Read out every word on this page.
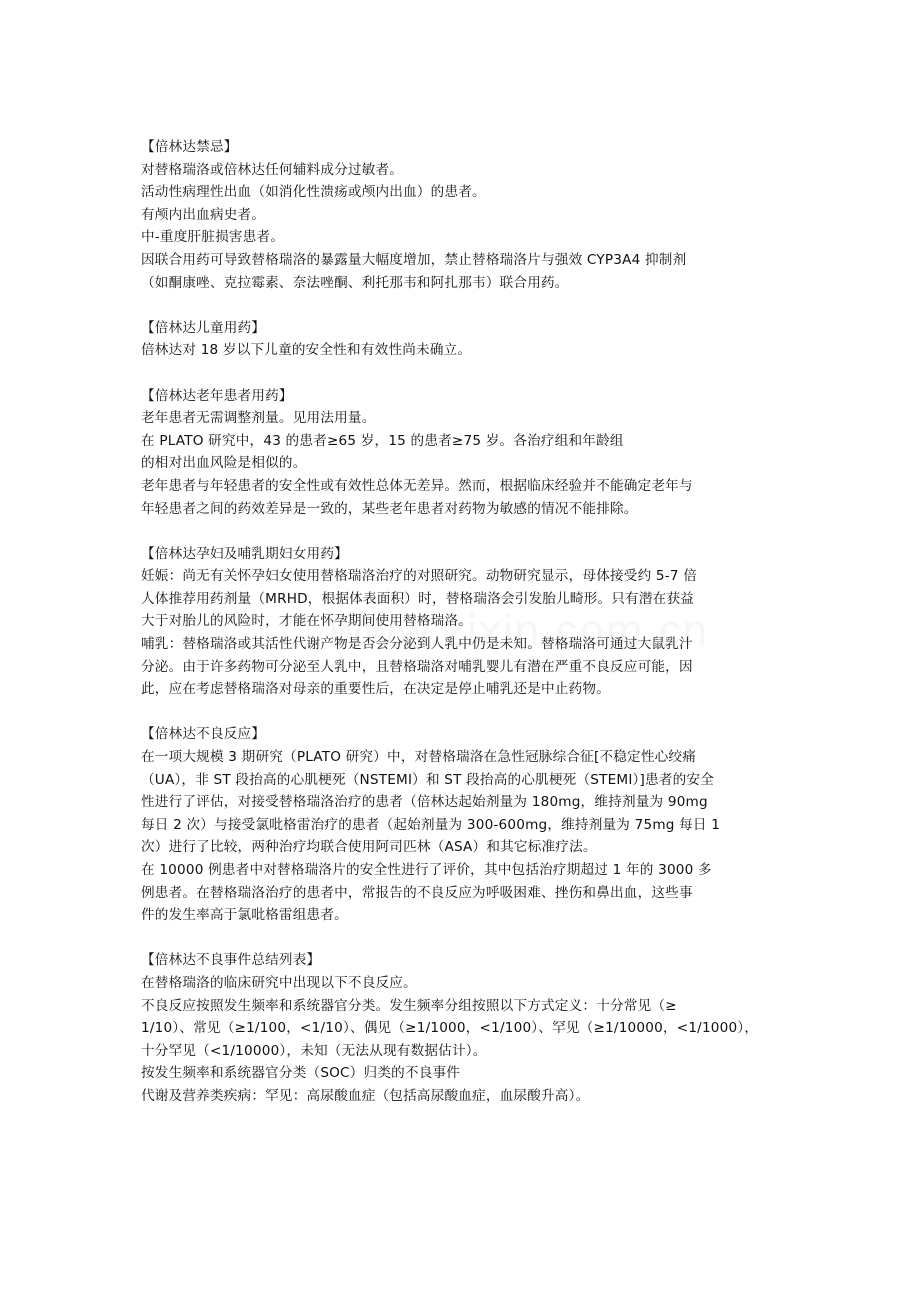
【倍林达禁忌】

对替格瑞洛或倍林达任何辅料成分过敏者。

活动性病理性出血（如消化性溃疡或颅内出血）的患者。

有颅内出血病史者。

中-重度肝脏损害患者。

因联合用药可导致替格瑞洛的暴露量大幅度增加，禁止替格瑞洛片与强效 CYP3A4 抑制剂

（如酮康唑、克拉霉素、奈法唑酮、利托那韦和阿扎那韦）联合用药。

【倍林达儿童用药】

倍林达对 18 岁以下儿童的安全性和有效性尚未确立。

【倍林达老年患者用药】

老年患者无需调整剂量。见用法用量。

在 PLATO 研究中，43 的患者≥65 岁，15 的患者≥75 岁。各治疗组和年龄组

的相对出血风险是相似的。

老年患者与年轻患者的安全性或有效性总体无差异。然而，根据临床经验并不能确定老年与

年轻患者之间的药效差异是一致的，某些老年患者对药物为敏感的情况不能排除。

【倍林达孕妇及哺乳期妇女用药】

妊娠：尚无有关怀孕妇女使用替格瑞洛治疗的对照研究。动物研究显示，母体接受约 5-7 倍

人体推荐用药剂量（MRHD，根据体表面积）时，替格瑞洛会引发胎儿畸形。只有潜在获益

大于对胎儿的风险时，才能在怀孕期间使用替格瑞洛。

哺乳：替格瑞洛或其活性代谢产物是否会分泌到人乳中仍是未知。替格瑞洛可通过大鼠乳汁

分泌。由于许多药物可分泌至人乳中，且替格瑞洛对哺乳婴儿有潜在严重不良反应可能，因

此，应在考虑替格瑞洛对母亲的重要性后，在决定是停止哺乳还是中止药物。

【倍林达不良反应】

在一项大规模 3 期研究（PLATO 研究）中，对替格瑞洛在急性冠脉综合征[不稳定性心绞痛

（UA），非 ST 段抬高的心肌梗死（NSTEMI）和 ST 段抬高的心肌梗死（STEMI）]患者的安全

性进行了评估，对接受替格瑞洛治疗的患者（倍林达起始剂量为 180mg，维持剂量为 90mg

每日 2 次）与接受氯吡格雷治疗的患者（起始剂量为 300-600mg，维持剂量为 75mg 每日 1

次）进行了比较，两种治疗均联合使用阿司匹林（ASA）和其它标准疗法。

在 10000 例患者中对替格瑞洛片的安全性进行了评价，其中包括治疗期超过 1 年的 3000 多

例患者。在替格瑞洛治疗的患者中，常报告的不良反应为呼吸困难、挫伤和鼻出血，这些事

件的发生率高于氯吡格雷组患者。

【倍林达不良事件总结列表】

在替格瑞洛的临床研究中出现以下不良反应。

不良反应按照发生频率和系统器官分类。发生频率分组按照以下方式定义：十分常见（≥

1/10）、常见（≥1/100，<1/10）、偶见（≥1/1000，<1/100）、罕见（≥1/10000，<1/1000），

十分罕见（<1/10000），未知（无法从现有数据估计）。

按发生频率和系统器官分类（SOC）归类的不良事件

代谢及营养类疾病：罕见：高尿酸血症（包括高尿酸血症，血尿酸升高）。
